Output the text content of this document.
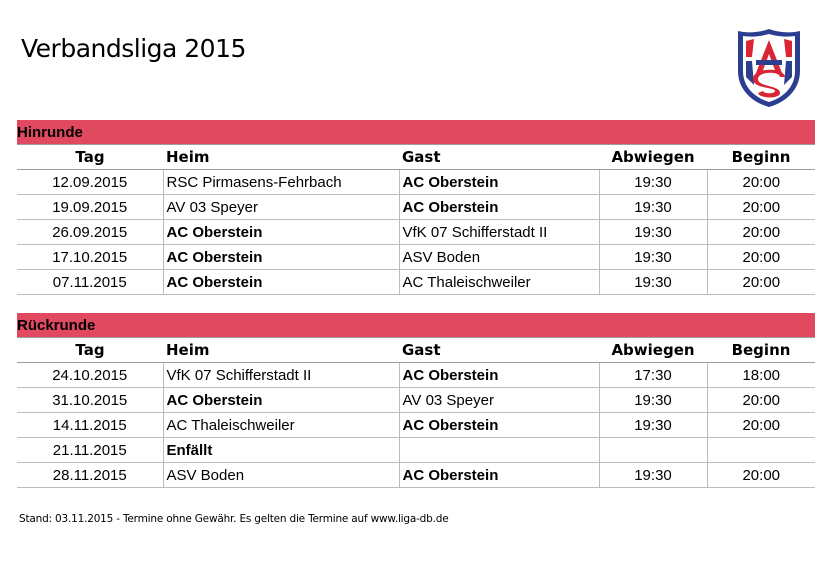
Verbandsliga 2015
Hinrunde				
Tag	Heim	Gast	Abwiegen	Beginn
12.09.2015	RSC Pirmasens-Fehrbach	AC Oberstein	19:30	20:00
19.09.2015	AV 03 Speyer	AC Oberstein	19:30	20:00
26.09.2015	AC Oberstein	VfK 07 Schifferstadt II	19:30	20:00
17.10.2015	AC Oberstein	ASV Boden	19:30	20:00
07.11.2015	AC Oberstein	AC Thaleischweiler	19:30	20:00
Rückrunde				
Tag	Heim	Gast	Abwiegen	Beginn
24.10.2015	VfK 07 Schifferstadt II	AC Oberstein	17:30	18:00
31.10.2015	AC Oberstein	AV 03 Speyer	19:30	20:00
14.11.2015	AC Thaleischweiler	AC Oberstein	19:30	20:00
21.11.2015	Enfällt			
28.11.2015	ASV Boden	AC Oberstein	19:30	20:00
Stand: 03.11.2015 - Termine ohne Gewähr. Es gelten die Termine auf www.liga-db.de
